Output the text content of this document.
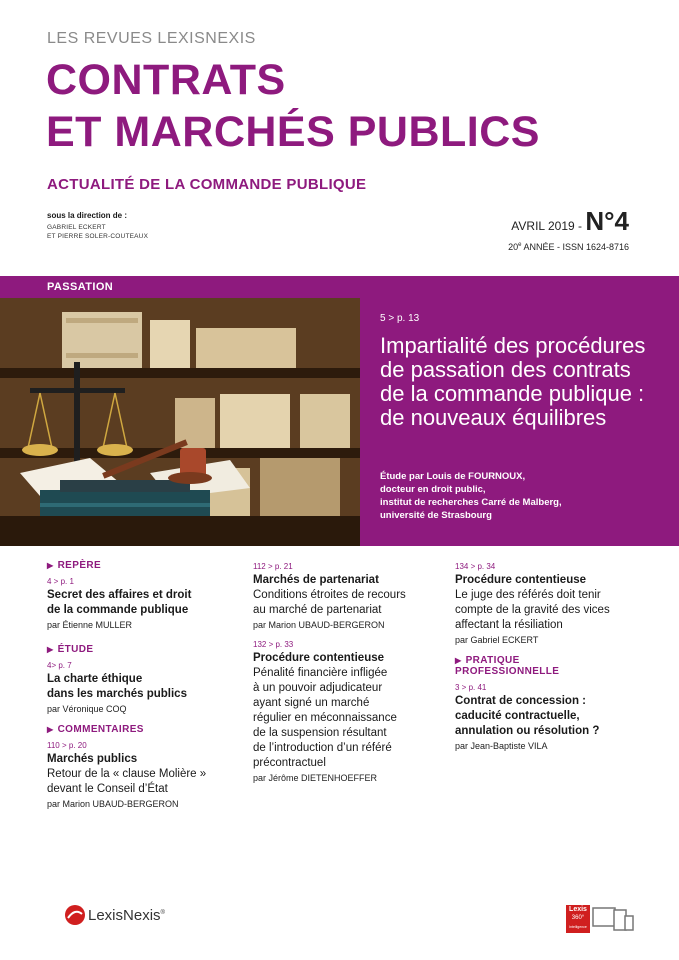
LES REVUES LEXISNEXIS
CONTRATS
ET MARCHÉS PUBLICS
ACTUALITÉ DE LA COMMANDE PUBLIQUE
sous la direction de :
GABRIEL ECKERT
ET PIERRE SOLER-COUTEAUX
AVRIL 2019 - N°4
20e ANNÉE - ISSN 1624-8716
PASSATION
5 > p. 13
Impartialité des procédures de passation des contrats de la commande publique : de nouveaux équilibres
Étude par Louis de FOURNOUX,
docteur en droit public,
institut de recherches Carré de Malberg,
université de Strasbourg
▶ REPÈRE
4 > p. 1
Secret des affaires et droit
de la commande publique
par Étienne MULLER
▶ ÉTUDE
4> p. 7
La charte éthique
dans les marchés publics
par Véronique COQ
▶ COMMENTAIRES
110 > p. 20
Marchés publics
Retour de la « clause Molière »
devant le Conseil d’État
par Marion UBAUD-BERGERON
112 > p. 21
Marchés de partenariat
Conditions étroites de recours
au marché de partenariat
par Marion UBAUD-BERGERON
132 > p. 33
Procédure contentieuse
Pénalité financière infligée
à un pouvoir adjudicateur
ayant signé un marché
régulier en méconnaissance
de la suspension résultant
de l’introduction d’un référé
précontractuel
par Jérôme DIETENHOEFFER
134 > p. 34
Procédure contentieuse
Le juge des référés doit tenir
compte de la gravité des vices
affectant la résiliation
par Gabriel ECKERT
▶ PRATIQUE
PROFESSIONNELLE
3 > p. 41
Contrat de concession :
caducité contractuelle,
annulation ou résolution ?
par Jean-Baptiste VILA
LexisNexis®	Lexis
360°
Intelligence
